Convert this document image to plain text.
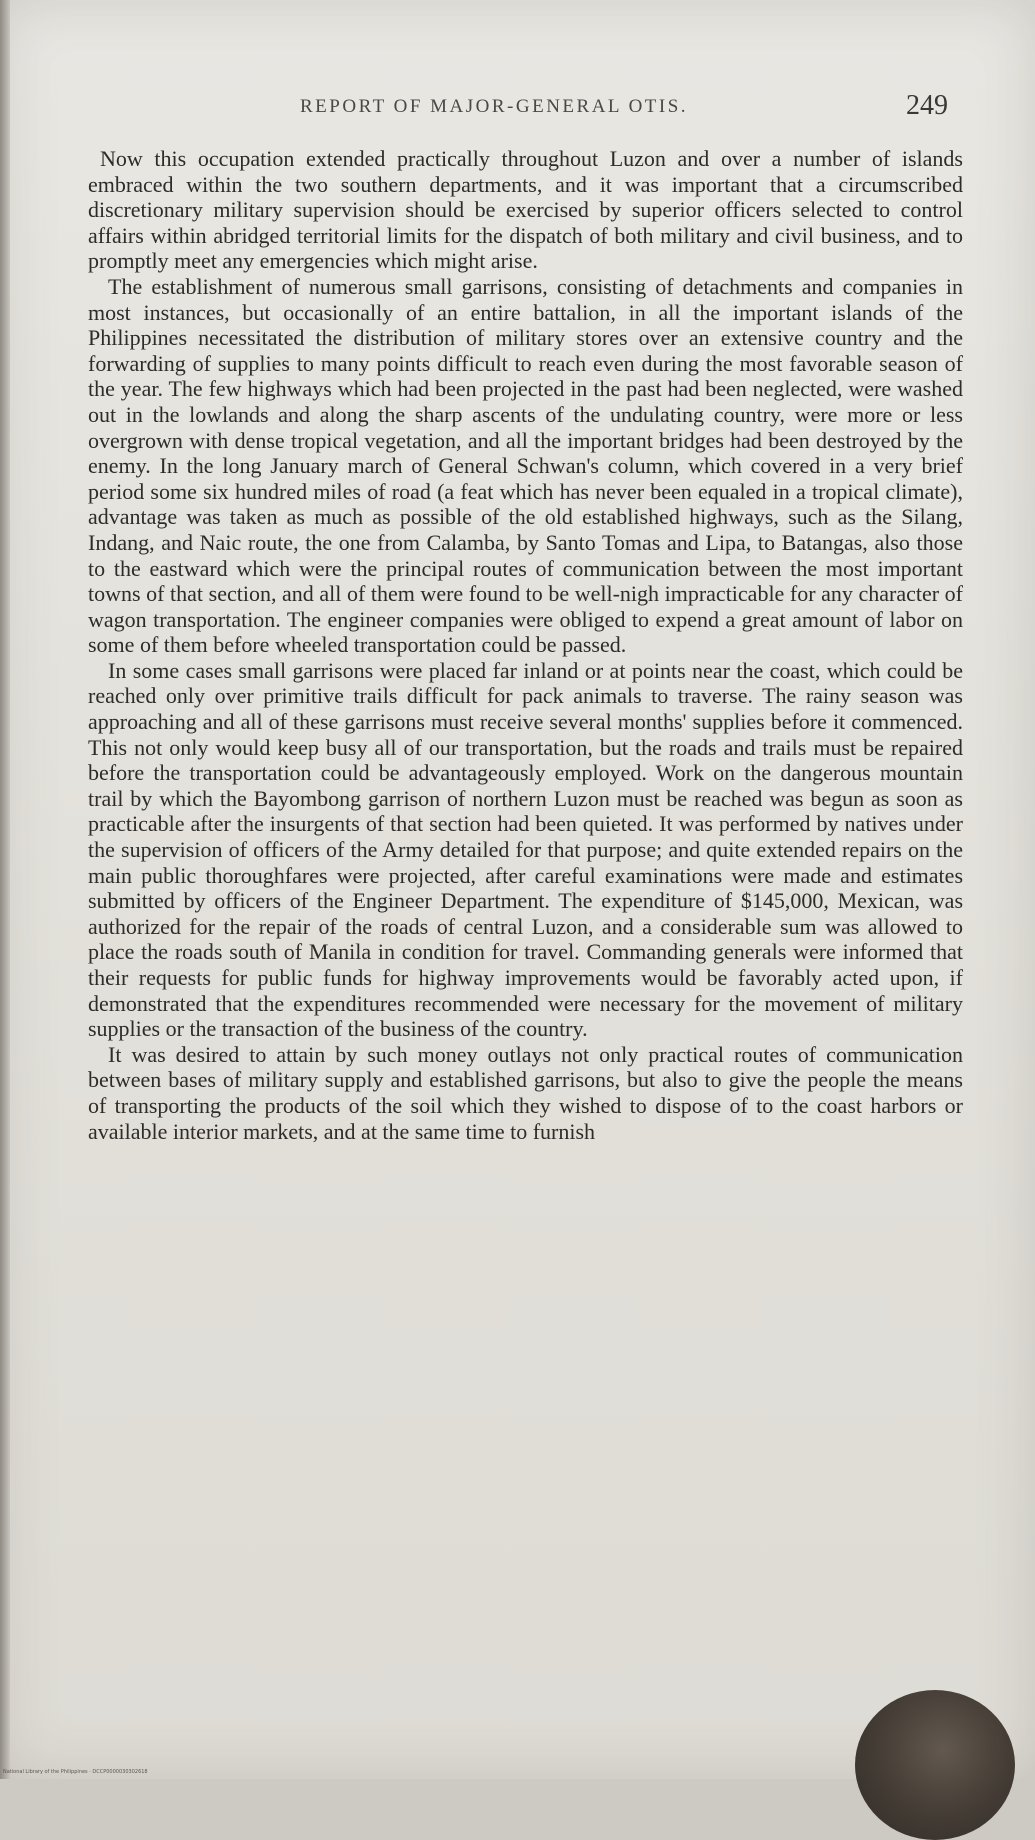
REPORT OF MAJOR-GENERAL OTIS.	249

Now this occupation extended practically throughout Luzon and over a number of islands embraced within the two southern departments, and it was important that a circumscribed discretionary military supervision should be exercised by superior officers selected to control affairs within abridged territorial limits for the dispatch of both military and civil business, and to promptly meet any emergencies which might arise.

The establishment of numerous small garrisons, consisting of detachments and companies in most instances, but occasionally of an entire battalion, in all the important islands of the Philippines necessitated the distribution of military stores over an extensive country and the forwarding of supplies to many points difficult to reach even during the most favorable season of the year. The few highways which had been projected in the past had been neglected, were washed out in the lowlands and along the sharp ascents of the undulating country, were more or less overgrown with dense tropical vegetation, and all the important bridges had been destroyed by the enemy. In the long January march of General Schwan's column, which covered in a very brief period some six hundred miles of road (a feat which has never been equaled in a tropical climate), advantage was taken as much as possible of the old established highways, such as the Silang, Indang, and Naic route, the one from Calamba, by Santo Tomas and Lipa, to Batangas, also those to the eastward which were the principal routes of communication between the most important towns of that section, and all of them were found to be well-nigh impracticable for any character of wagon transportation. The engineer companies were obliged to expend a great amount of labor on some of them before wheeled transportation could be passed.

In some cases small garrisons were placed far inland or at points near the coast, which could be reached only over primitive trails difficult for pack animals to traverse. The rainy season was approaching and all of these garrisons must receive several months' supplies before it commenced. This not only would keep busy all of our transportation, but the roads and trails must be repaired before the transportation could be advantageously employed. Work on the dangerous mountain trail by which the Bayombong garrison of northern Luzon must be reached was begun as soon as practicable after the insurgents of that section had been quieted. It was performed by natives under the supervision of officers of the Army detailed for that purpose; and quite extended repairs on the main public thoroughfares were projected, after careful examinations were made and estimates submitted by officers of the Engineer Department. The expenditure of $145,000, Mexican, was authorized for the repair of the roads of central Luzon, and a considerable sum was allowed to place the roads south of Manila in condition for travel. Commanding generals were informed that their requests for public funds for highway improvements would be favorably acted upon, if demonstrated that the expenditures recommended were necessary for the movement of military supplies or the transaction of the business of the country.

It was desired to attain by such money outlays not only practical routes of communication between bases of military supply and established garrisons, but also to give the people the means of transporting the products of the soil which they wished to dispose of to the coast harbors or available interior markets, and at the same time to furnish

National Library of the Philippines · DCCP0000030302618
